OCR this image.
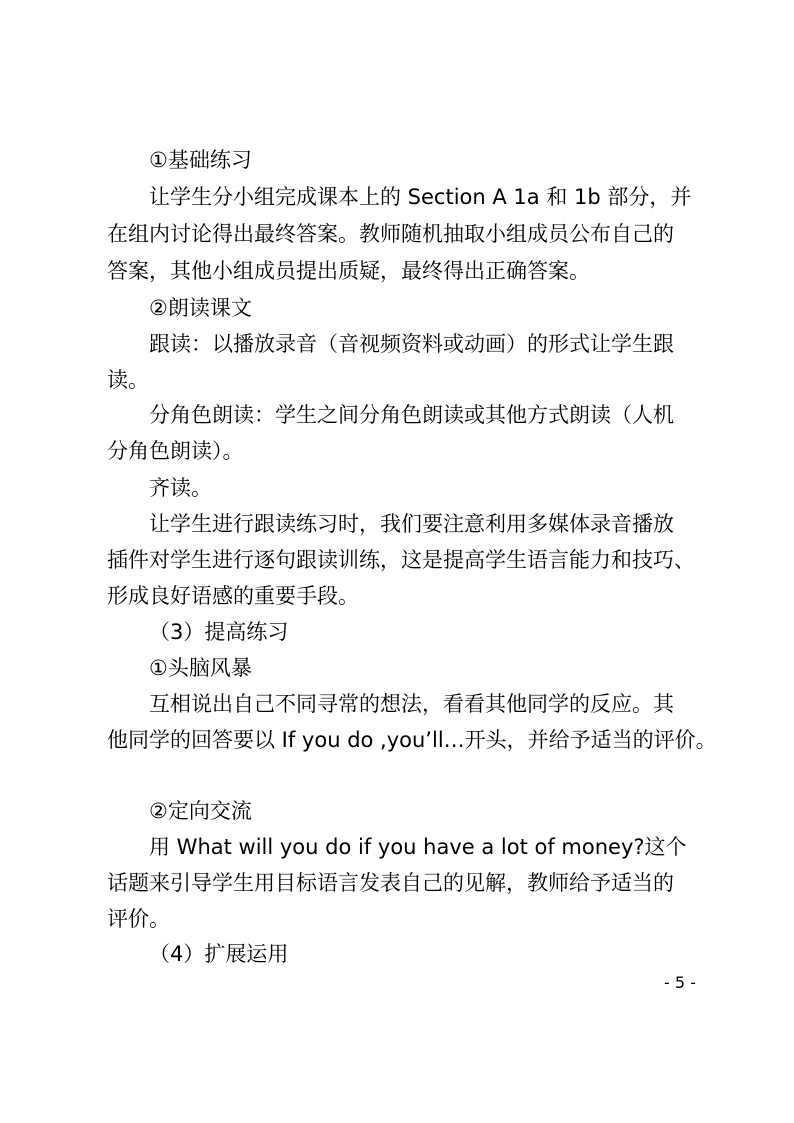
①基础练习
让学生分小组完成课本上的 Section A 1a 和 1b 部分，并
在组内讨论得出最终答案。教师随机抽取小组成员公布自己的
答案，其他小组成员提出质疑，最终得出正确答案。
②朗读课文
跟读：以播放录音（音视频资料或动画）的形式让学生跟
读。
分角色朗读：学生之间分角色朗读或其他方式朗读（人机
分角色朗读）。
齐读。
让学生进行跟读练习时，我们要注意利用多媒体录音播放
插件对学生进行逐句跟读训练，这是提高学生语言能力和技巧、
形成良好语感的重要手段。
（3）提高练习
①头脑风暴
互相说出自己不同寻常的想法，看看其他同学的反应。其
他同学的回答要以 If you do ,you’ll…开头，并给予适当的评价。
②定向交流
用 What will you do if you have a lot of money?这个
话题来引导学生用目标语言发表自己的见解，教师给予适当的
评价。
（4）扩展运用
- 5 -
